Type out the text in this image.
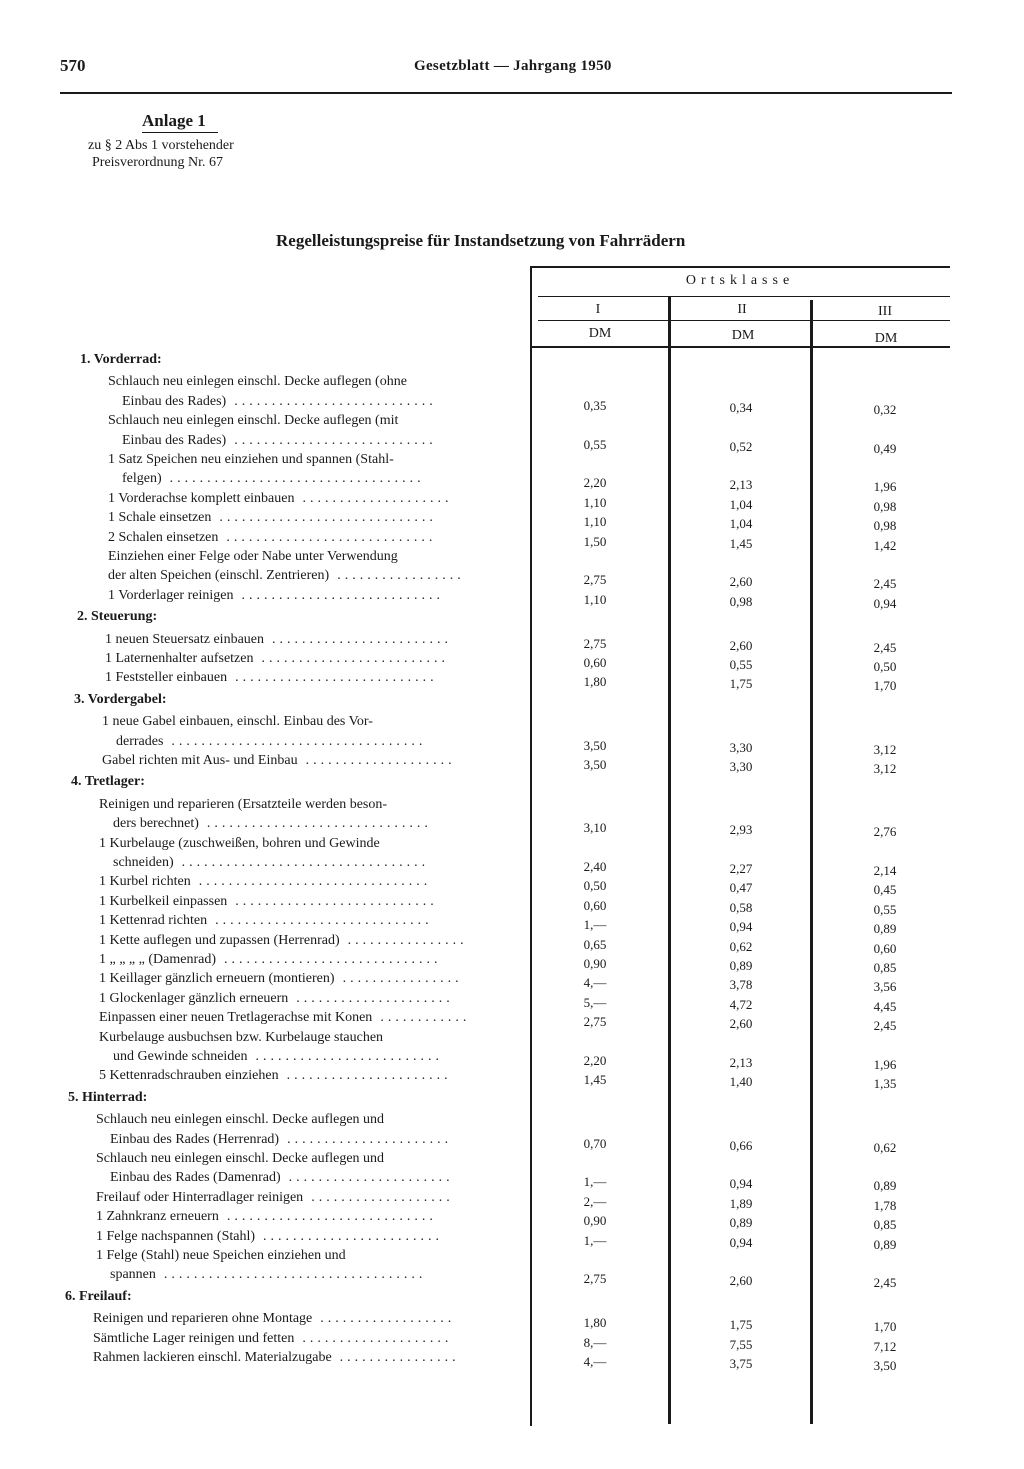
570	Gesetzblatt — Jahrgang 1950
Anlage 1
zu § 2 Abs 1 vorstehender
Preisverordnung Nr. 67
Regelleistungspreise für Instandsetzung von Fahrrädern
Ortsklasse
I	II	III
DM	DM	DM
1. Vorderrad:
Schlauch neu einlegen einschl. Decke auflegen (ohne
Einbau des Rades) ...........................	0,35	0,34	0,32
Schlauch neu einlegen einschl. Decke auflegen (mit
Einbau des Rades) ...........................	0,55	0,52	0,49
1 Satz Speichen neu einziehen und spannen (Stahl-
felgen) ..................................	2,20	2,13	1,96
1 Vorderachse komplett einbauen ....................	1,10	1,04	0,98
1 Schale einsetzen .............................	1,10	1,04	0,98
2 Schalen einsetzen ............................	1,50	1,45	1,42
Einziehen einer Felge oder Nabe unter Verwendung
der alten Speichen (einschl. Zentrieren) .................	2,75	2,60	2,45
1 Vorderlager reinigen ...........................	1,10	0,98	0,94
2. Steuerung:
1 neuen Steuersatz einbauen ........................	2,75	2,60	2,45
1 Laternenhalter aufsetzen .........................	0,60	0,55	0,50
1 Feststeller einbauen ...........................	1,80	1,75	1,70
3. Vordergabel:
1 neue Gabel einbauen, einschl. Einbau des Vor-
derrades ..................................	3,50	3,30	3,12
Gabel richten mit Aus- und Einbau ....................	3,50	3,30	3,12
4. Tretlager:
Reinigen und reparieren (Ersatzteile werden beson-
ders berechnet) ..............................	3,10	2,93	2,76
1 Kurbelauge (zuschweißen, bohren und Gewinde
schneiden) .................................	2,40	2,27	2,14
1 Kurbel richten ...............................	0,50	0,47	0,45
1 Kurbelkeil einpassen ...........................	0,60	0,58	0,55
1 Kettenrad richten .............................	1,—	0,94	0,89
1 Kette auflegen und zupassen (Herrenrad) ................	0,65	0,62	0,60
1 „ „ „ „ (Damenrad) .............................	0,90	0,89	0,85
1 Keillager gänzlich erneuern (montieren) ................	4,—	3,78	3,56
1 Glockenlager gänzlich erneuern .....................	5,—	4,72	4,45
Einpassen einer neuen Tretlagerachse mit Konen ............	2,75	2,60	2,45
Kurbelauge ausbuchsen bzw. Kurbelauge stauchen
und Gewinde schneiden .........................	2,20	2,13	1,96
5 Kettenradschrauben einziehen ......................	1,45	1,40	1,35
5. Hinterrad:
Schlauch neu einlegen einschl. Decke auflegen und
Einbau des Rades (Herrenrad) ......................	0,70	0,66	0,62
Schlauch neu einlegen einschl. Decke auflegen und
Einbau des Rades (Damenrad) ......................	1,—	0,94	0,89
Freilauf oder Hinterradlager reinigen ...................	2,—	1,89	1,78
1 Zahnkranz erneuern ............................	0,90	0,89	0,85
1 Felge nachspannen (Stahl) ........................	1,—	0,94	0,89
1 Felge (Stahl) neue Speichen einziehen und
spannen ...................................	2,75	2,60	2,45
6. Freilauf:
Reinigen und reparieren ohne Montage ..................	1,80	1,75	1,70
Sämtliche Lager reinigen und fetten ....................	8,—	7,55	7,12
Rahmen lackieren einschl. Materialzugabe ................	4,—	3,75	3,50
